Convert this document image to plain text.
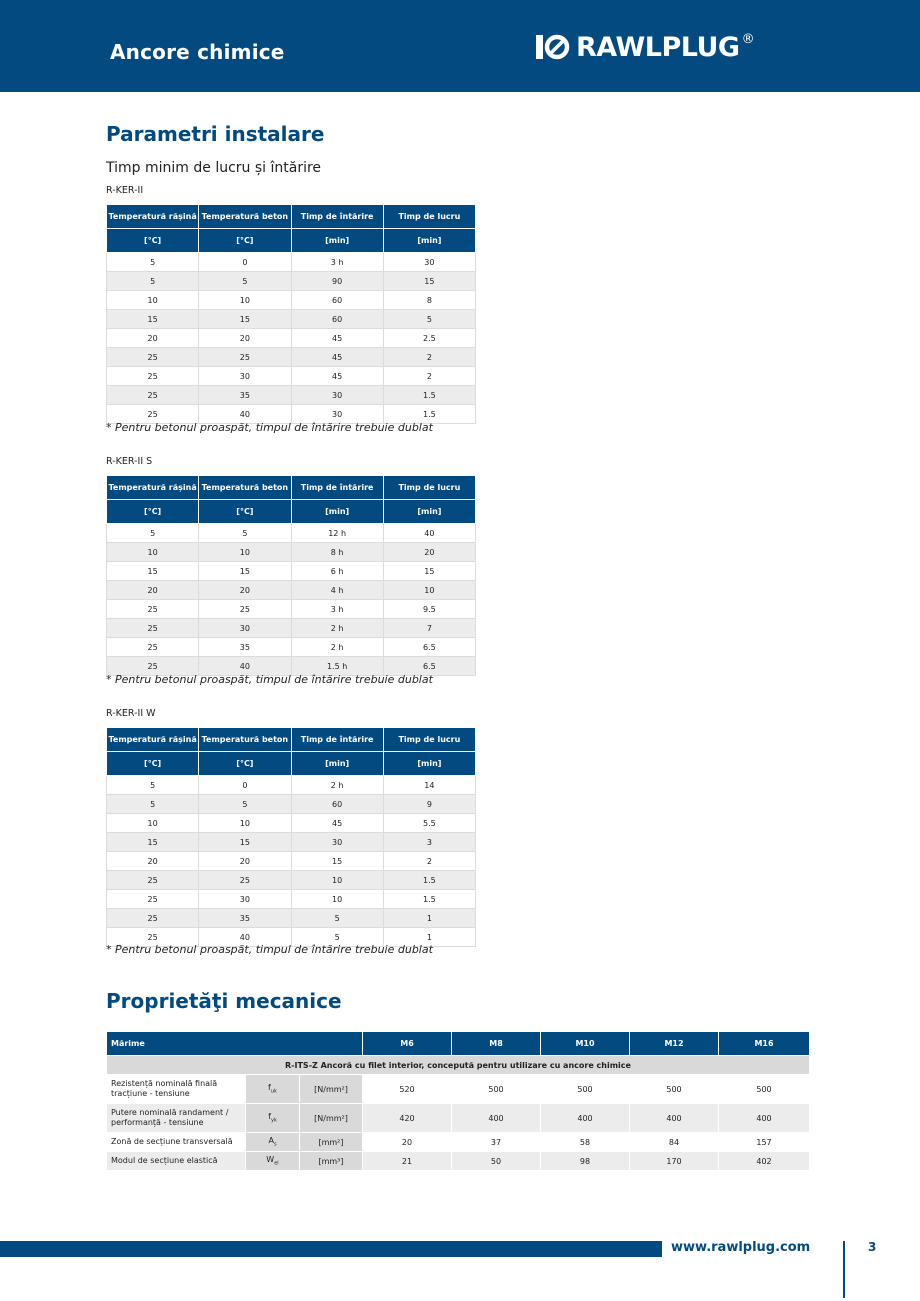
Ancore chimice	RAWLPLUG ®
Parametri instalare
Timp minim de lucru și întărire
R-KER-II
Temperatură rășină	Temperatură beton	Timp de întărire	Timp de lucru
[°C]	[°C]	[min]	[min]
5	0	3 h	30
5	5	90	15
10	10	60	8
15	15	60	5
20	20	45	2.5
25	25	45	2
25	30	45	2
25	35	30	1.5
25	40	30	1.5
* Pentru betonul proaspăt, timpul de întărire trebuie dublat
R-KER-II S
Temperatură rășină	Temperatură beton	Timp de întărire	Timp de lucru
[°C]	[°C]	[min]	[min]
5	5	12 h	40
10	10	8 h	20
15	15	6 h	15
20	20	4 h	10
25	25	3 h	9.5
25	30	2 h	7
25	35	2 h	6.5
25	40	1.5 h	6.5
* Pentru betonul proaspăt, timpul de întărire trebuie dublat
R-KER-II W
Temperatură rășină	Temperatură beton	Timp de întărire	Timp de lucru
[°C]	[°C]	[min]	[min]
5	0	2 h	14
5	5	60	9
10	10	45	5.5
15	15	30	3
20	20	15	2
25	25	10	1.5
25	30	10	1.5
25	35	5	1
25	40	5	1
* Pentru betonul proaspăt, timpul de întărire trebuie dublat
Proprietăţi mecanice
Mărime			M6	M8	M10	M12	M16
R-ITS-Z Ancoră cu filet interior, concepută pentru utilizare cu ancore chimice							
Rezistență nominală finală tracțiune - tensiune	$f_{uk}$	[N/mm²]	520	500	500	500	500
Putere nominală randament / performanță - tensiune	$f_{yk}$	[N/mm²]	420	400	400	400	400
Zonă de secțiune transversală	$A_s$	[mm²]	20	37	58	84	157
Modul de secțiune elastică	$W_{el}$	[mm³]	21	50	98	170	402
www.rawlplug.com	3
